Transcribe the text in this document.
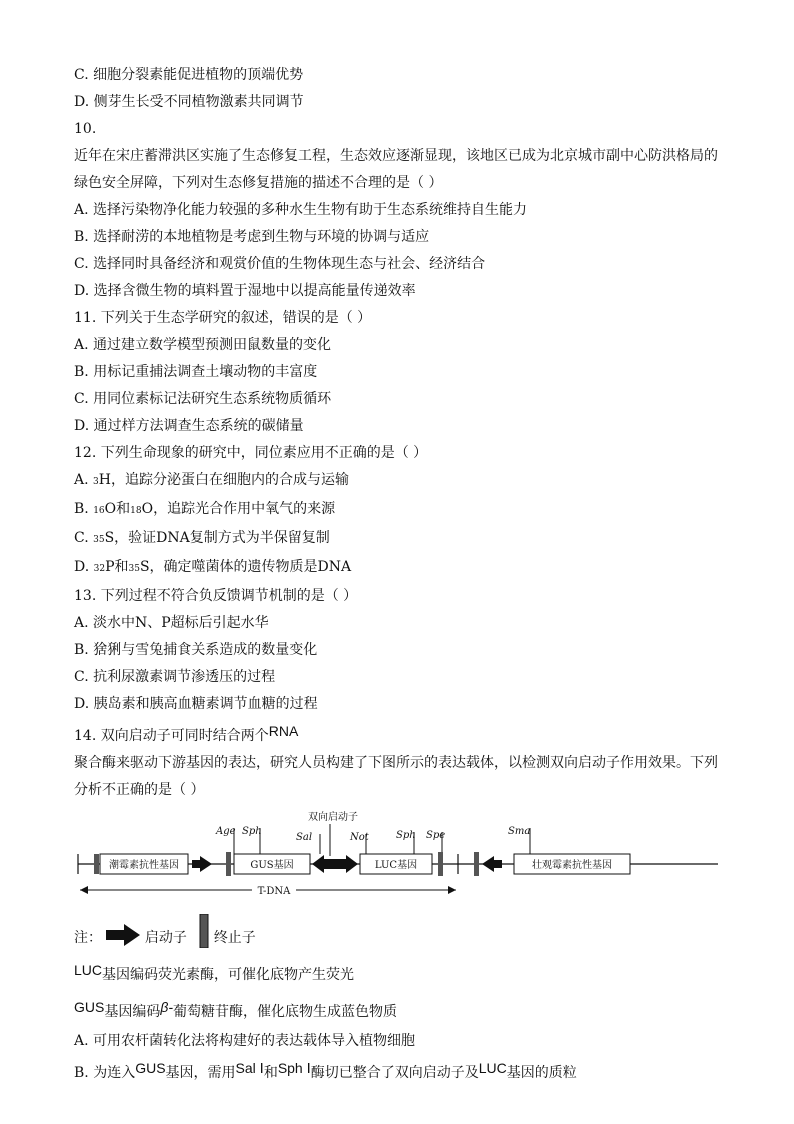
C. 细胞分裂素能促进植物的顶端优势
D. 侧芽生长受不同植物激素共同调节
10.
近年在宋庄蓄滞洪区实施了生态修复工程，生态效应逐渐显现，该地区已成为北京城市副中心防洪格局的
绿色安全屏障，下列对生态修复措施的描述不合理的是（ ）
A. 选择污染物净化能力较强的多种水生生物有助于生态系统维持自生能力
B. 选择耐涝的本地植物是考虑到生物与环境的协调与适应
C. 选择同时具备经济和观赏价值的生物体现生态与社会、经济结合
D. 选择含微生物的填料置于湿地中以提高能量传递效率
11. 下列关于生态学研究的叙述，错误的是（ ）
A. 通过建立数学模型预测田鼠数量的变化
B. 用标记重捕法调查土壤动物的丰富度
C. 用同位素标记法研究生态系统物质循环
D. 通过样方法调查生态系统的碳储量
12. 下列生命现象的研究中，同位素应用不正确的是（ ）
A. 3H，追踪分泌蛋白在细胞内的合成与运输
B. 16O和18O，追踪光合作用中氧气的来源
C. 35S，验证DNA复制方式为半保留复制
D. 32P和35S，确定噬菌体的遗传物质是DNA
13. 下列过程不符合负反馈调节机制的是（ ）
A. 淡水中N、P超标后引起水华
B. 猞猁与雪兔捕食关系造成的数量变化
C. 抗利尿激素调节渗透压的过程
D. 胰岛素和胰高血糖素调节血糖的过程
14. 双向启动子可同时结合两个RNA
聚合酶来驱动下游基因的表达，研究人员构建了下图所示的表达载体，以检测双向启动子作用效果。下列
分析不正确的是（ ）
潮霉素抗性基因	GUS基因
Age Sph
双向启动子
Sal	Not
LUC基因
Sph Spe
壮观霉素抗性基因
Sma
T-DNA
注：	启动子 终止子
LUC基因编码荧光素酶，可催化底物产生荧光
GUS基因编码β-葡萄糖苷酶，催化底物生成蓝色物质
A. 可用农杆菌转化法将构建好的表达载体导入植物细胞
B. 为连入GUS基因，需用Sal Ⅰ和Sph Ⅰ酶切已整合了双向启动子及LUC基因的质粒
